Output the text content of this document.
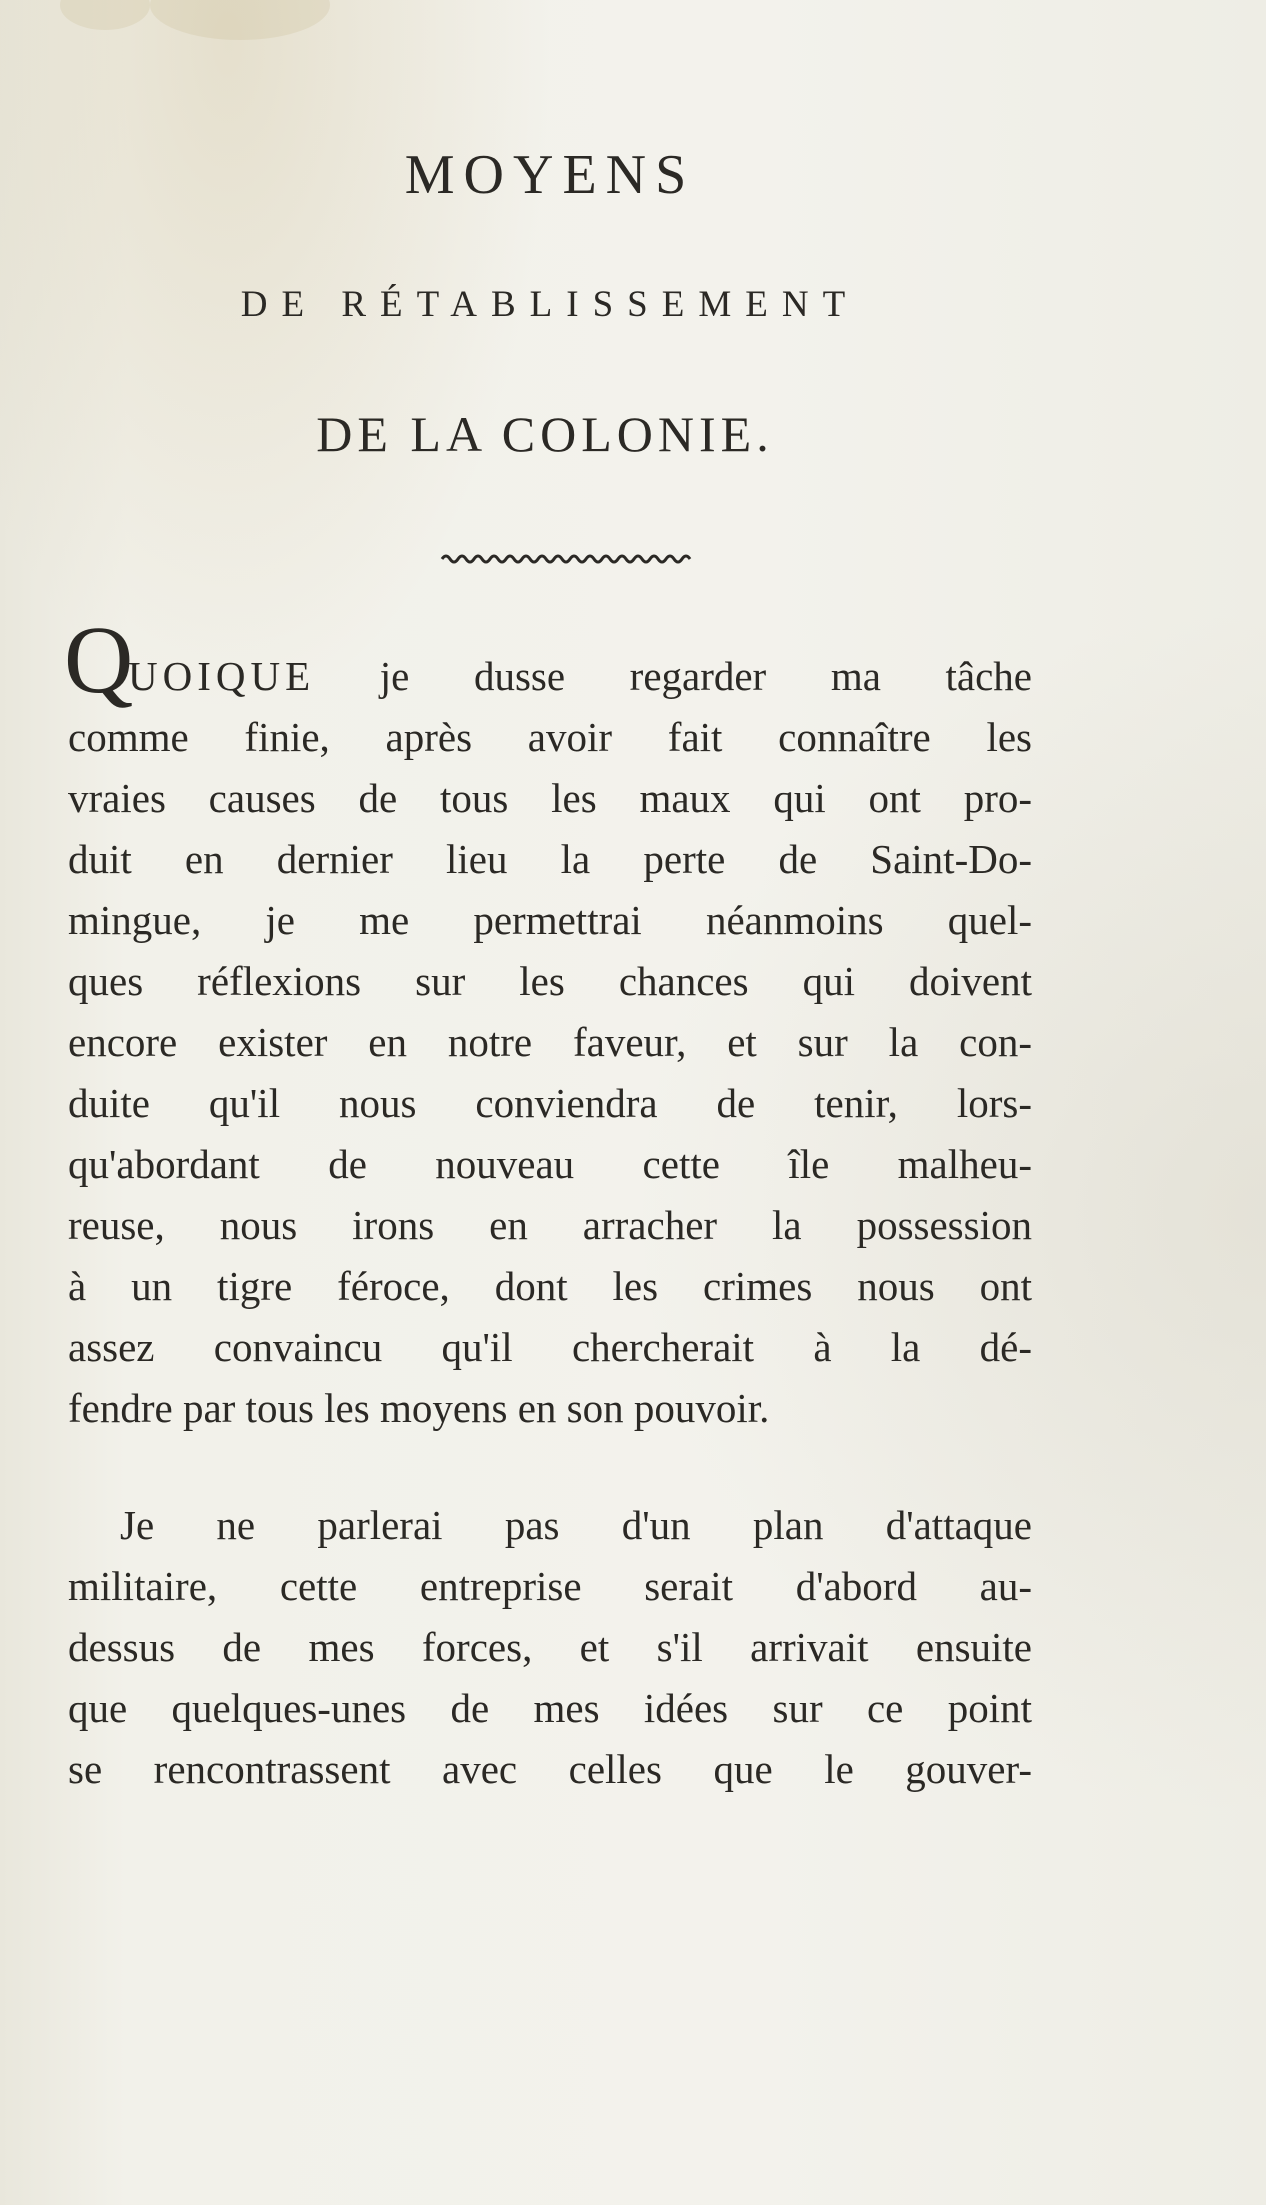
MOYENS
DE RÉTABLISSEMENT
DE LA COLONIE.
Q
UOIQUE je dusse regarder ma tâche
comme finie, après avoir fait connaître les
vraies causes de tous les maux qui ont pro-
duit en dernier lieu la perte de Saint-Do-
mingue, je me permettrai néanmoins quel-
ques réflexions sur les chances qui doivent
encore exister en notre faveur, et sur la con-
duite qu'il nous conviendra de tenir, lors-
qu'abordant de nouveau cette île malheu-
reuse, nous irons en arracher la possession
à un tigre féroce, dont les crimes nous ont
assez convaincu qu'il chercherait à la dé-
fendre par tous les moyens en son pouvoir.
Je ne parlerai pas d'un plan d'attaque
militaire, cette entreprise serait d'abord au-
dessus de mes forces, et s'il arrivait ensuite
que quelques-unes de mes idées sur ce point
se rencontrassent avec celles que le gouver-
